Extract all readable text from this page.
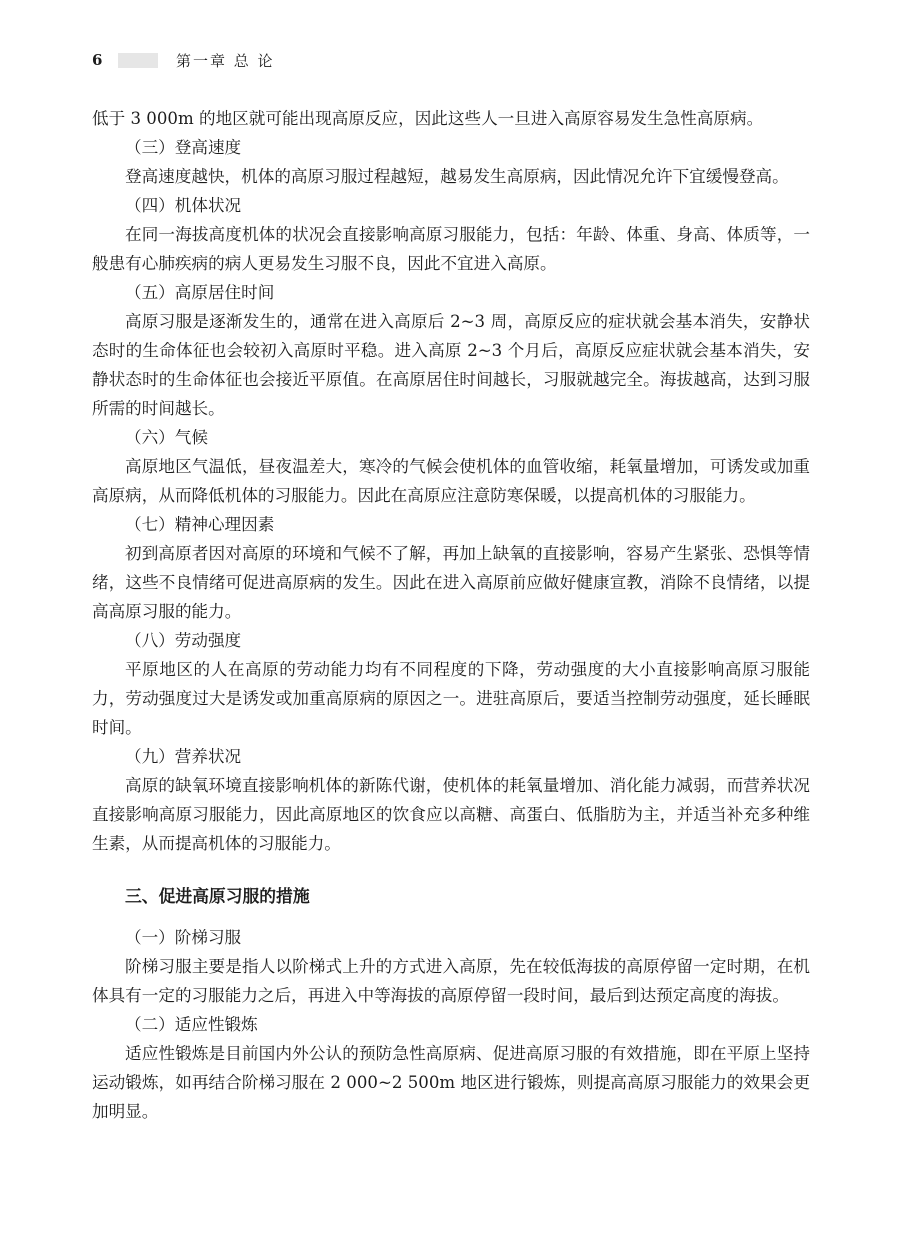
6	第一章 总 论

低于 3 000m 的地区就可能出现高原反应，因此这些人一旦进入高原容易发生急性高原病。

（三）登高速度

登高速度越快，机体的高原习服过程越短，越易发生高原病，因此情况允许下宜缓慢登高。

（四）机体状况

在同一海拔高度机体的状况会直接影响高原习服能力，包括：年龄、体重、身高、体质等，一般患有心肺疾病的病人更易发生习服不良，因此不宜进入高原。

（五）高原居住时间

高原习服是逐渐发生的，通常在进入高原后 2~3 周，高原反应的症状就会基本消失，安静状态时的生命体征也会较初入高原时平稳。进入高原 2~3 个月后，高原反应症状就会基本消失，安静状态时的生命体征也会接近平原值。在高原居住时间越长，习服就越完全。海拔越高，达到习服所需的时间越长。

（六）气候

高原地区气温低，昼夜温差大，寒冷的气候会使机体的血管收缩，耗氧量增加，可诱发或加重高原病，从而降低机体的习服能力。因此在高原应注意防寒保暖，以提高机体的习服能力。

（七）精神心理因素

初到高原者因对高原的环境和气候不了解，再加上缺氧的直接影响，容易产生紧张、恐惧等情绪，这些不良情绪可促进高原病的发生。因此在进入高原前应做好健康宣教，消除不良情绪，以提高高原习服的能力。

（八）劳动强度

平原地区的人在高原的劳动能力均有不同程度的下降，劳动强度的大小直接影响高原习服能力，劳动强度过大是诱发或加重高原病的原因之一。进驻高原后，要适当控制劳动强度，延长睡眠时间。

（九）营养状况

高原的缺氧环境直接影响机体的新陈代谢，使机体的耗氧量增加、消化能力减弱，而营养状况直接影响高原习服能力，因此高原地区的饮食应以高糖、高蛋白、低脂肪为主，并适当补充多种维生素，从而提高机体的习服能力。

三、促进高原习服的措施
（一）阶梯习服

阶梯习服主要是指人以阶梯式上升的方式进入高原，先在较低海拔的高原停留一定时期，在机体具有一定的习服能力之后，再进入中等海拔的高原停留一段时间，最后到达预定高度的海拔。

（二）适应性锻炼

适应性锻炼是目前国内外公认的预防急性高原病、促进高原习服的有效措施，即在平原上坚持运动锻炼，如再结合阶梯习服在 2 000~2 500m 地区进行锻炼，则提高高原习服能力的效果会更加明显。
